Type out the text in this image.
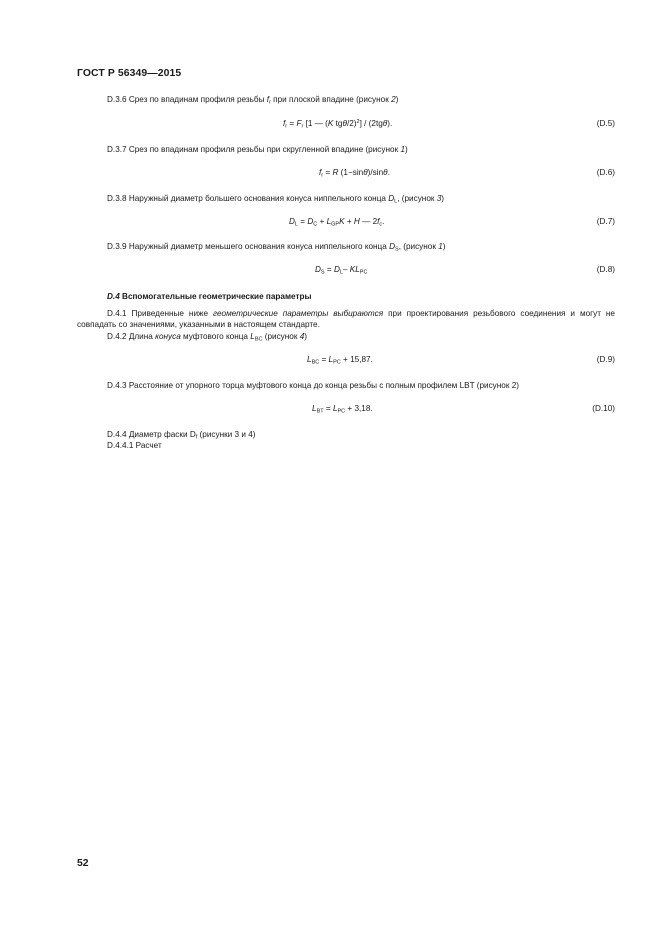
ГОСТ Р 56349—2015
D.3.6 Срез по впадинам профиля резьбы $f_r$ при плоской впадине (рисунок 2)
$f_r = F_r$ [1 — (K tgθ/2)$^2$] / (2tgθ).	(D.5)
D.3.7 Срез по впадинам профиля резьбы при скругленной впадине (рисунок 1)
$f_r = R$ (1−sinθ)/sinθ.	(D.6)
D.3.8 Наружный диаметр большего основания конуса ниппельного конца $D_L$, (рисунок 3)
$D_L = D_C + L_{GP}K + H$ — $2f_c$.	(D.7)
D.3.9 Наружный диаметр меньшего основания конуса ниппельного конца $D_S$, (рисунок 1)
$D_S = D_L-$ $KL_{PC}$	(D.8)
D.4 Вспомогательные геометрические параметры
D.4.1 Приведенные ниже геометрические параметры выбираются при проектирования резьбового соединения и могут не совпадать со значениями, указанными в настоящем стандарте.
D.4.2 Длина конуса муфтового конца $L_{BC}$ (рисунок 4)
$L_{BC} = L_{PC} + 15,87$.	(D.9)
D.4.3 Расстояние от упорного торца муфтового конца до конца резьбы с полным профилем LBT (рисунок 2)
$L_{BT} = L_{PC} + 3,18$.	(D.10)
D.4.4 Диаметр фаски $D_f$ (рисунки 3 и 4)
D.4.4.1 Расчет
52
